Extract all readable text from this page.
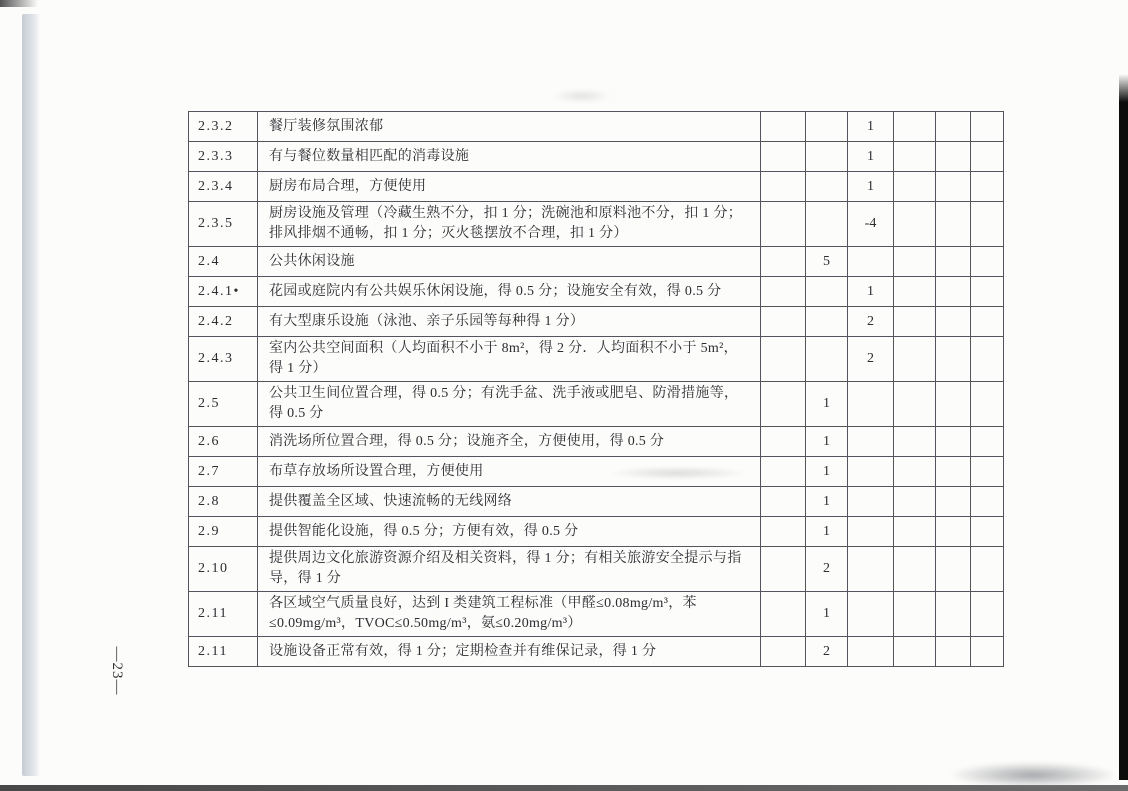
—23—
2.3.2	餐厅装修氛围浓郁			1			
2.3.3	有与餐位数量相匹配的消毒设施			1			
2.3.4	厨房布局合理，方便使用			1			
2.3.5	厨房设施及管理（冷藏生熟不分，扣 1 分；洗碗池和原料池不分，扣 1 分；排风排烟不通畅，扣 1 分；灭火毯摆放不合理，扣 1 分）			-4			
2.4	公共休闲设施		5				
2.4.1•	花园或庭院内有公共娱乐休闲设施，得 0.5 分；设施安全有效，得 0.5 分			1			
2.4.2	有大型康乐设施（泳池、亲子乐园等每种得 1 分）			2			
2.4.3	室内公共空间面积（人均面积不小于 8m²，得 2 分．人均面积不小于 5m²，得 1 分）			2			
2.5	公共卫生间位置合理，得 0.5 分；有洗手盆、洗手液或肥皂、防滑措施等，得 0.5 分		1				
2.6	消洗场所位置合理，得 0.5 分；设施齐全，方便使用，得 0.5 分		1				
2.7	布草存放场所设置合理，方便使用		1				
2.8	提供覆盖全区域、快速流畅的无线网络		1				
2.9	提供智能化设施，得 0.5 分；方便有效，得 0.5 分		1				
2.10	提供周边文化旅游资源介绍及相关资料，得 1 分；有相关旅游安全提示与指导，得 1 分		2				
2.11	各区域空气质量良好，达到 I 类建筑工程标准（甲醛≤0.08mg/m³，苯≤0.09mg/m³，TVOC≤0.50mg/m³，氨≤0.20mg/m³）		1				
2.11	设施设备正常有效，得 1 分；定期检查并有维保记录，得 1 分		2				
